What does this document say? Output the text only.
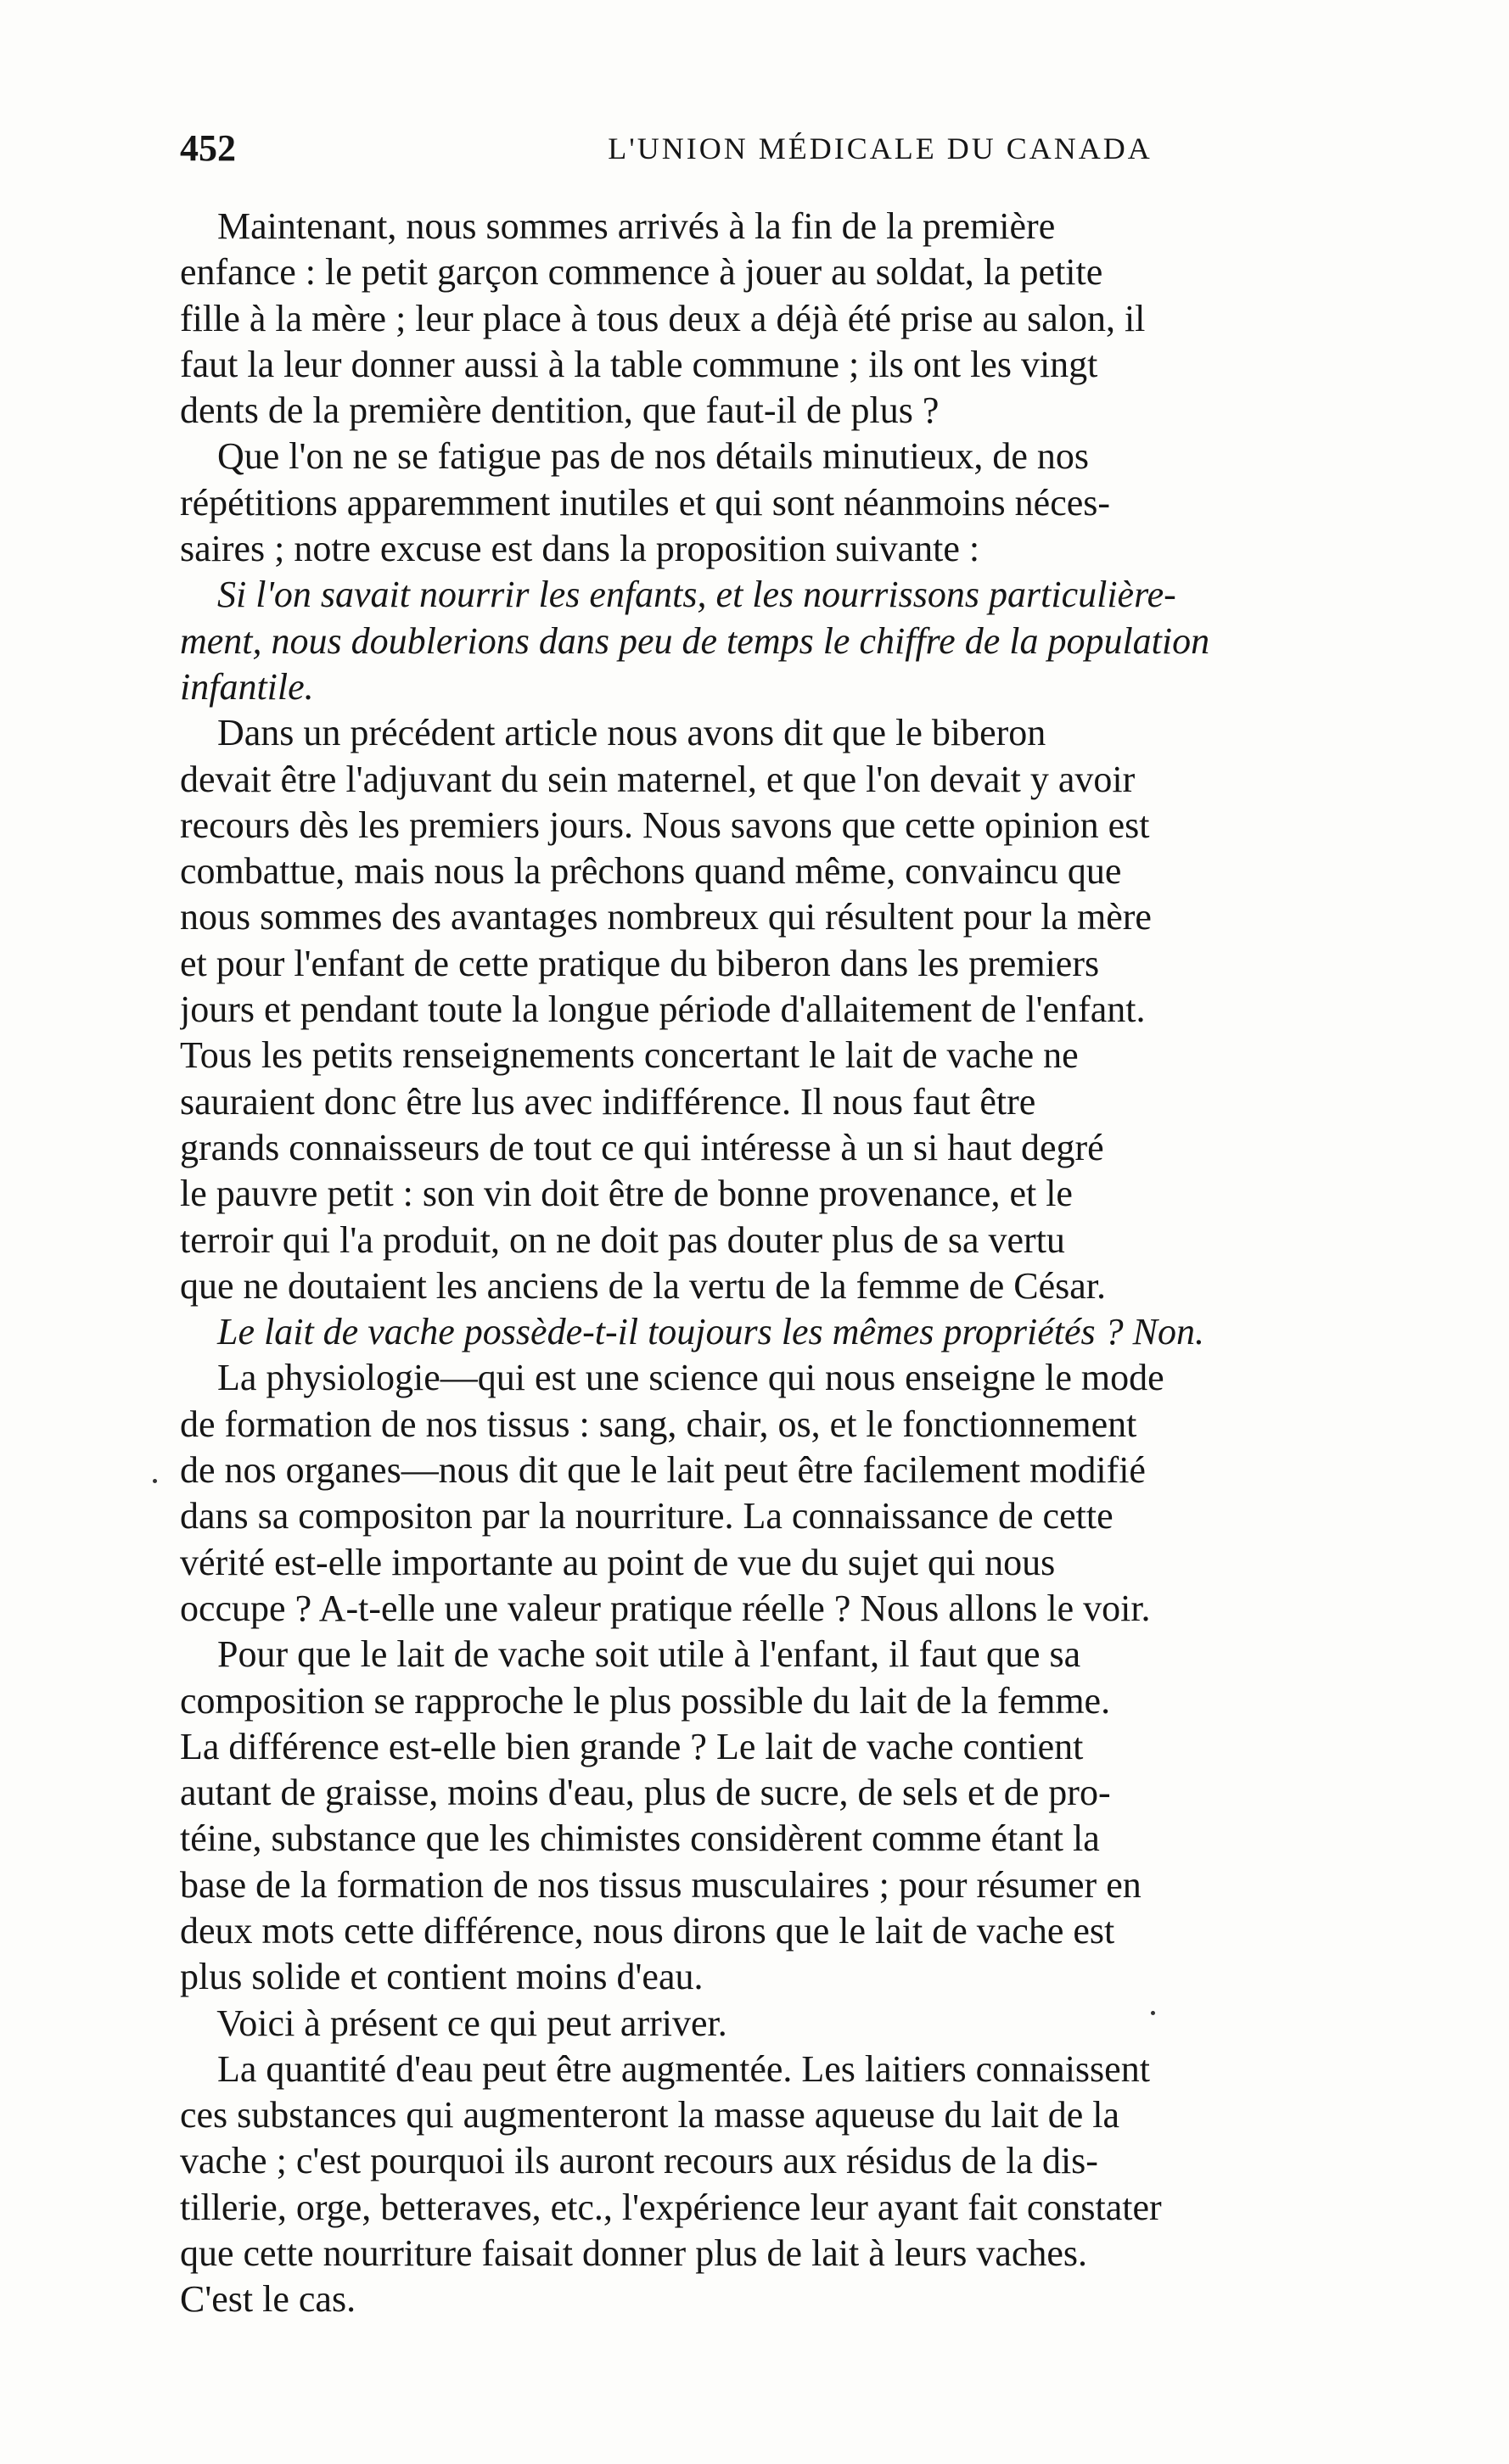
452	L'UNION MÉDICALE DU CANADA
Maintenant, nous sommes arrivés à la fin de la première
enfance : le petit garçon commence à jouer au soldat, la petite
fille à la mère ; leur place à tous deux a déjà été prise au salon, il
faut la leur donner aussi à la table commune ; ils ont les vingt
dents de la première dentition, que faut-il de plus ?
Que l'on ne se fatigue pas de nos détails minutieux, de nos
répétitions apparemment inutiles et qui sont néanmoins néces-
saires ; notre excuse est dans la proposition suivante :
Si l'on savait nourrir les enfants, et les nourrissons particulière-
ment, nous doublerions dans peu de temps le chiffre de la population
infantile.
Dans un précédent article nous avons dit que le biberon
devait être l'adjuvant du sein maternel, et que l'on devait y avoir
recours dès les premiers jours. Nous savons que cette opinion est
combattue, mais nous la prêchons quand même, convaincu que
nous sommes des avantages nombreux qui résultent pour la mère
et pour l'enfant de cette pratique du biberon dans les premiers
jours et pendant toute la longue période d'allaitement de l'enfant.
Tous les petits renseignements concertant le lait de vache ne
sauraient donc être lus avec indifférence. Il nous faut être
grands connaisseurs de tout ce qui intéresse à un si haut degré
le pauvre petit : son vin doit être de bonne provenance, et le
terroir qui l'a produit, on ne doit pas douter plus de sa vertu
que ne doutaient les anciens de la vertu de la femme de César.
Le lait de vache possède-t-il toujours les mêmes propriétés ? Non.
La physiologie—qui est une science qui nous enseigne le mode
de formation de nos tissus : sang, chair, os, et le fonctionnement
de nos organes—nous dit que le lait peut être facilement modifié
dans sa compositon par la nourriture. La connaissance de cette
vérité est-elle importante au point de vue du sujet qui nous
occupe ? A-t-elle une valeur pratique réelle ? Nous allons le voir.
Pour que le lait de vache soit utile à l'enfant, il faut que sa
composition se rapproche le plus possible du lait de la femme.
La différence est-elle bien grande ? Le lait de vache contient
autant de graisse, moins d'eau, plus de sucre, de sels et de pro-
téine, substance que les chimistes considèrent comme étant la
base de la formation de nos tissus musculaires ; pour résumer en
deux mots cette différence, nous dirons que le lait de vache est
plus solide et contient moins d'eau.
Voici à présent ce qui peut arriver.
La quantité d'eau peut être augmentée. Les laitiers connaissent
ces substances qui augmenteront la masse aqueuse du lait de la
vache ; c'est pourquoi ils auront recours aux résidus de la dis-
tillerie, orge, betteraves, etc., l'expérience leur ayant fait constater
que cette nourriture faisait donner plus de lait à leurs vaches.
C'est le cas.
